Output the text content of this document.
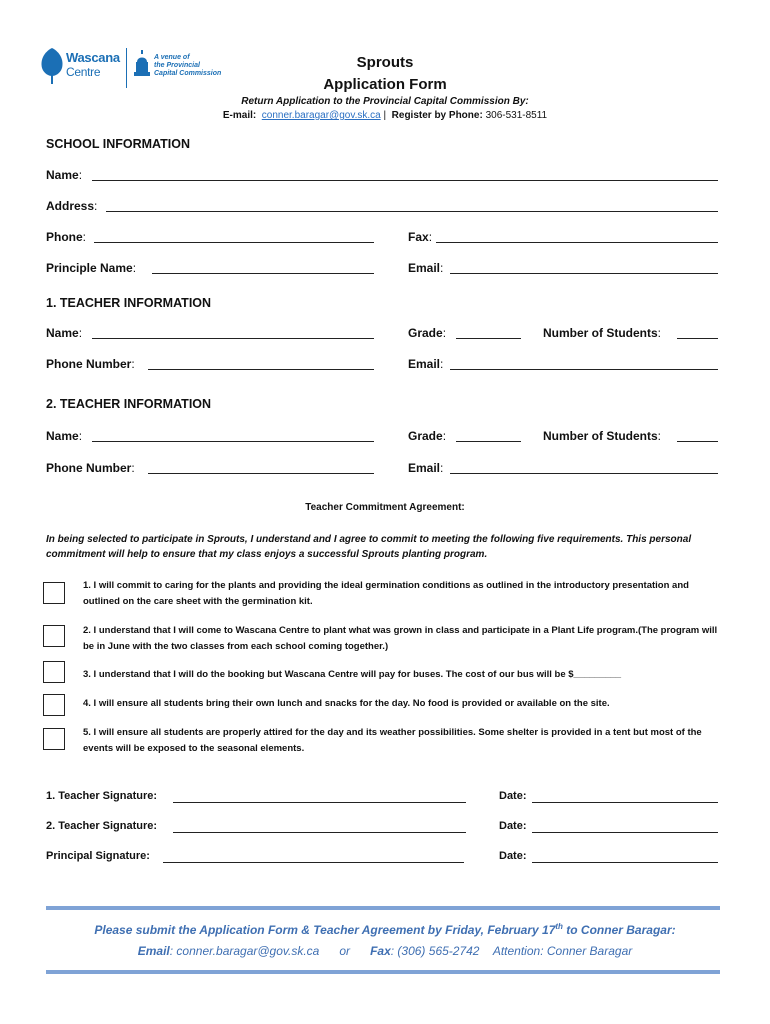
Wascana
Centre
A venue of
the Provincial
Capital Commission
Sprouts
Application Form
Return Application to the Provincial Capital Commission By:
E-mail: conner.baragar@gov.sk.ca | Register by Phone: 306-531-8511
SCHOOL INFORMATION
Name:
Address:
Phone:	Fax:
Principle Name:	Email:
1. TEACHER INFORMATION
Name:	Grade:	Number of Students:
Phone Number:	Email:
2. TEACHER INFORMATION
Name:	Grade:	Number of Students:
Phone Number:	Email:
Teacher Commitment Agreement:
In being selected to participate in Sprouts, I understand and I agree to commit to meeting the following five requirements. This personal commitment will help to ensure that my class enjoys a successful Sprouts planting program.
1. I will commit to caring for the plants and providing the ideal germination conditions as outlined in the introductory presentation and outlined on the care sheet with the germination kit.
2. I understand that I will come to Wascana Centre to plant what was grown in class and participate in a Plant Life program.(The program will be in June with the two classes from each school coming together.)
3. I understand that I will do the booking but Wascana Centre will pay for buses. The cost of our bus will be $_________
4. I will ensure all students bring their own lunch and snacks for the day. No food is provided or available on the site.
5. I will ensure all students are properly attired for the day and its weather possibilities. Some shelter is provided in a tent but most of the events will be exposed to the seasonal elements.
1. Teacher Signature:	Date:
2. Teacher Signature:	Date:
Principal Signature:	Date:
Please submit the Application Form & Teacher Agreement by Friday, February 17th to Conner Baragar:
Email: conner.baragar@gov.sk.ca or Fax: (306) 565-2742 Attention: Conner Baragar
